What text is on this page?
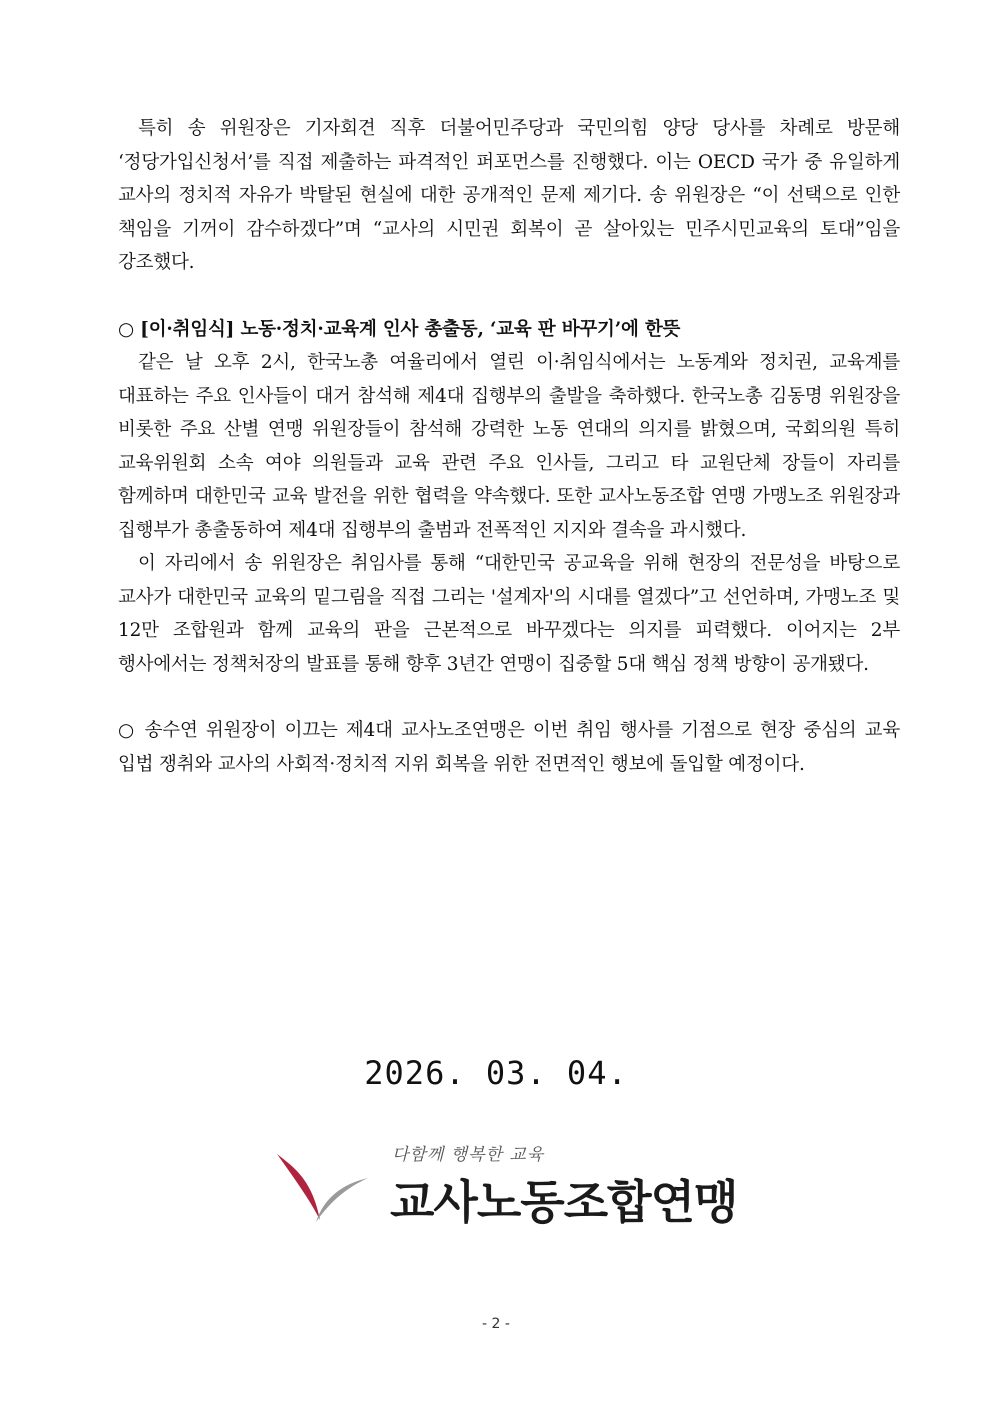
특히 송 위원장은 기자회견 직후 더불어민주당과 국민의힘 양당 당사를 차례로 방문해 ‘정당가입신청서’를 직접 제출하는 파격적인 퍼포먼스를 진행했다. 이는 OECD 국가 중 유일하게 교사의 정치적 자유가 박탈된 현실에 대한 공개적인 문제 제기다. 송 위원장은 “이 선택으로 인한 책임을 기꺼이 감수하겠다”며 “교사의 시민권 회복이 곧 살아있는 민주시민교육의 토대”임을 강조했다.

○ [이·취임식] 노동·정치·교육계 인사 총출동, ‘교육 판 바꾸기’에 한뜻

같은 날 오후 2시, 한국노총 여율리에서 열린 이·취임식에서는 노동계와 정치권, 교육계를 대표하는 주요 인사들이 대거 참석해 제4대 집행부의 출발을 축하했다. 한국노총 김동명 위원장을 비롯한 주요 산별 연맹 위원장들이 참석해 강력한 노동 연대의 의지를 밝혔으며, 국회의원 특히 교육위원회 소속 여야 의원들과 교육 관련 주요 인사들, 그리고 타 교원단체 장들이 자리를 함께하며 대한민국 교육 발전을 위한 협력을 약속했다. 또한 교사노동조합 연맹 가맹노조 위원장과 집행부가 총출동하여 제4대 집행부의 출범과 전폭적인 지지와 결속을 과시했다.

이 자리에서 송 위원장은 취임사를 통해 “대한민국 공교육을 위해 현장의 전문성을 바탕으로 교사가 대한민국 교육의 밑그림을 직접 그리는 '설계자'의 시대를 열겠다”고 선언하며, 가맹노조 및 12만 조합원과 함께 교육의 판을 근본적으로 바꾸겠다는 의지를 피력했다. 이어지는 2부 행사에서는 정책처장의 발표를 통해 향후 3년간 연맹이 집중할 5대 핵심 정책 방향이 공개됐다.

○ 송수연 위원장이 이끄는 제4대 교사노조연맹은 이번 취임 행사를 기점으로 현장 중심의 교육 입법 쟁취와 교사의 사회적·정치적 지위 회복을 위한 전면적인 행보에 돌입할 예정이다.

2026. 03. 04.
다함께 행복한 교육
교사노동조합연맹
- 2 -
